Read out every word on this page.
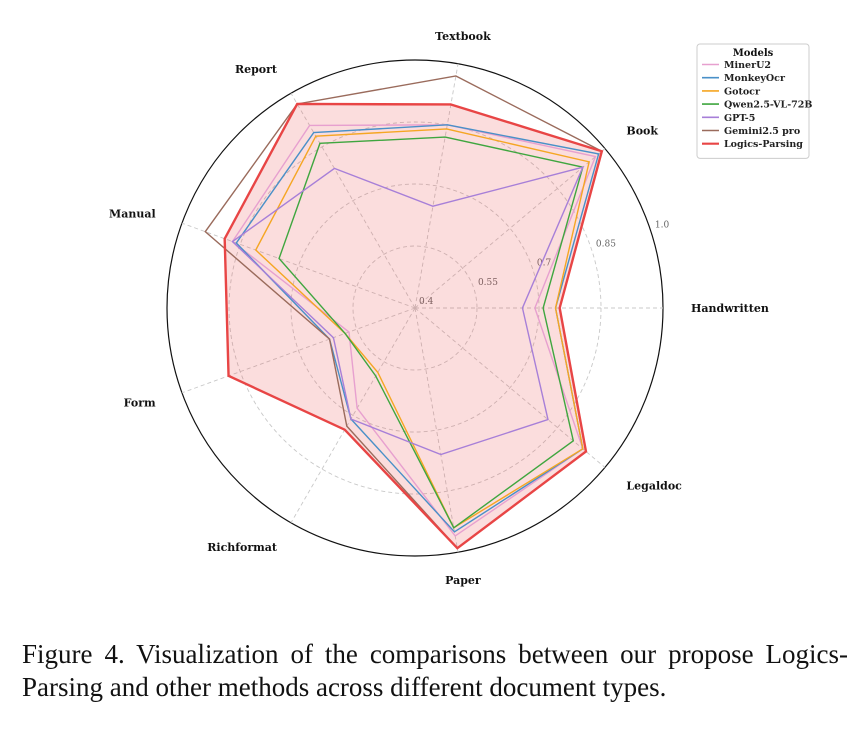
0.4
0.55
0.7
0.85
1.0
Textbook
Book
Handwritten
Legaldoc
Paper
Richformat
Form
Manual
Report
Models
MinerU2
MonkeyOcr
Gotocr
Qwen2.5-VL-72B
GPT-5
Gemini2.5 pro
Logics-Parsing
Figure 4. Visualization of the comparisons between our propose Logics-Parsing and other methods across different document types.
